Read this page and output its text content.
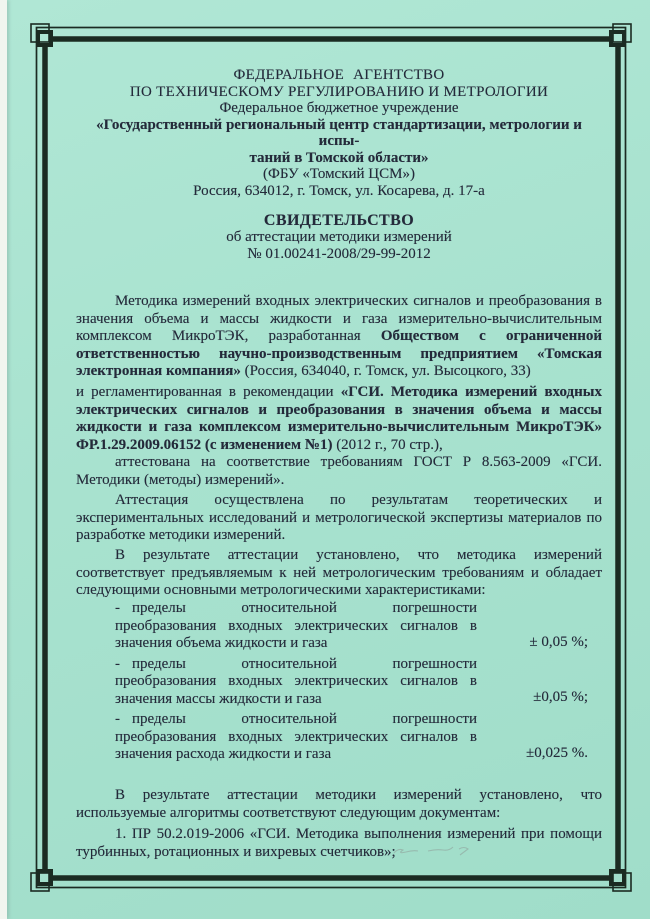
ФЕДЕРАЛЬНОЕ АГЕНТСТВО
ПО ТЕХНИЧЕСКОМУ РЕГУЛИРОВАНИЮ И МЕТРОЛОГИИ
Федеральное бюджетное учреждение
«Государственный региональный центр стандартизации, метрологии и испы-
таний в Томской области»
(ФБУ «Томский ЦСМ»)
Россия, 634012, г. Томск, ул. Косарева, д. 17-а
СВИДЕТЕЛЬСТВО
об аттестации методики измерений
№ 01.00241-2008/29-99-2012

Методика измерений входных электрических сигналов и преобразования в значения объема и массы жидкости и газа измерительно-вычислительным комплексом МикроТЭК, разработанная Обществом с ограниченной ответственностью научно-производственным предприятием «Томская электронная компания» (Россия, 634040, г. Томск, ул. Высоцкого, 33)

и регламентированная в рекомендации «ГСИ. Методика измерений входных электрических сигналов и преобразования в значения объема и массы жидкости и газа комплексом измерительно-вычислительным МикроТЭК» ФР.1.29.2009.06152 (с изменением №1) (2012 г., 70 стр.),

аттестована на соответствие требованиям ГОСТ Р 8.563-2009 «ГСИ. Методики (методы) измерений».

Аттестация осуществлена по результатам теоретических и экспериментальных исследований и метрологической экспертизы материалов по разработке методики измерений.

В результате аттестации установлено, что методика измерений соответствует предъявляемым к ней метрологическим требованиям и обладает следующими основными метрологическими характеристиками:

- пределы относительной погрешности преобразования входных электрических сигналов в значения объема жидкости и газа	± 0,05 %;
- пределы относительной погрешности преобразования входных электрических сигналов в значения массы жидкости и газа	±0,05 %;
- пределы относительной погрешности преобразования входных электрических сигналов в значения расхода жидкости и газа	±0,025 %.

В результате аттестации методики измерений установлено, что используемые алгоритмы соответствуют следующим документам:

1. ПР 50.2.019-2006 «ГСИ. Методика выполнения измерений при помощи турбинных, ротационных и вихревых счетчиков»;
